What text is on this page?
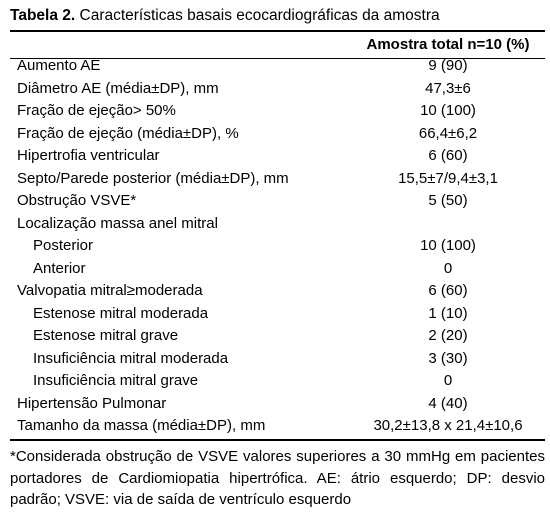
Tabela 2. Características basais ecocardiográficas da amostra
	Amostra total n=10 (%)
Aumento AE	9 (90)
Diâmetro AE (média±DP), mm	47,3±6
Fração de ejeção> 50%	10 (100)
Fração de ejeção (média±DP), %	66,4±6,2
Hipertrofia ventricular	6 (60)
Septo/Parede posterior (média±DP), mm	15,5±7/9,4±3,1
Obstrução VSVE*	5 (50)
Localização massa anel mitral	
Posterior	10 (100)
Anterior	0
Valvopatia mitral≥moderada	6 (60)
Estenose mitral moderada	1 (10)
Estenose mitral grave	2 (20)
Insuficiência mitral moderada	3 (30)
Insuficiência mitral grave	0
Hipertensão Pulmonar	4 (40)
Tamanho da massa (média±DP), mm	30,2±13,8 x 21,4±10,6
*Considerada obstrução de VSVE valores superiores a 30 mmHg em pacientes portadores de Cardiomiopatia hipertrófica. AE: átrio esquerdo; DP: desvio padrão; VSVE: via de saída de ventrículo esquerdo
